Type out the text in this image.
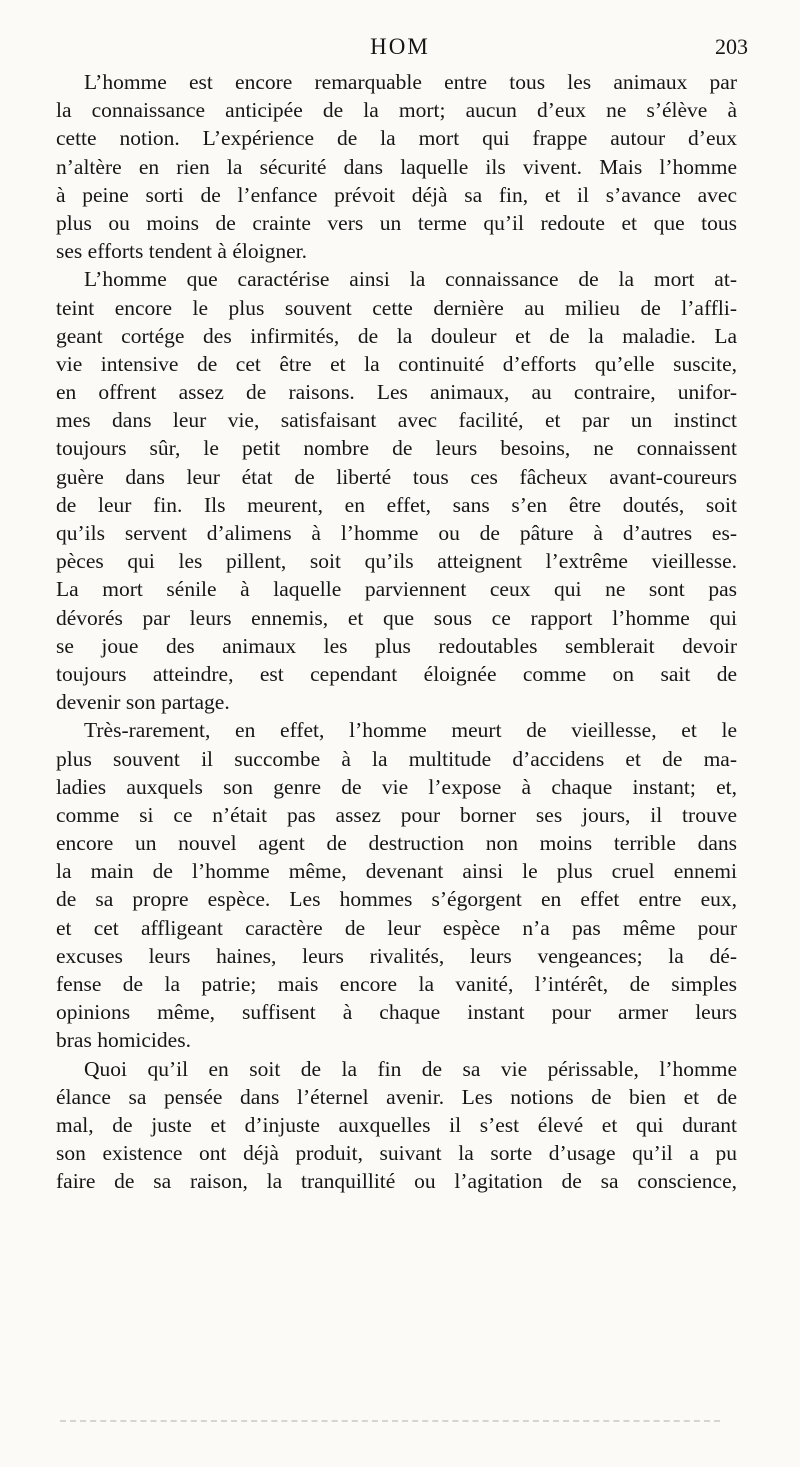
HOM	203
L’homme est encore remarquable entre tous les animaux par
la connaissance anticipée de la mort; aucun d’eux ne s’élève à
cette notion. L’expérience de la mort qui frappe autour d’eux
n’altère en rien la sécurité dans laquelle ils vivent. Mais l’homme
à peine sorti de l’enfance prévoit déjà sa fin, et il s’avance avec
plus ou moins de crainte vers un terme qu’il redoute et que tous
ses efforts tendent à éloigner.
L’homme que caractérise ainsi la connaissance de la mort at-
teint encore le plus souvent cette dernière au milieu de l’affli-
geant cortége des infirmités, de la douleur et de la maladie. La
vie intensive de cet être et la continuité d’efforts qu’elle suscite,
en offrent assez de raisons. Les animaux, au contraire, unifor-
mes dans leur vie, satisfaisant avec facilité, et par un instinct
toujours sûr, le petit nombre de leurs besoins, ne connaissent
guère dans leur état de liberté tous ces fâcheux avant-coureurs
de leur fin. Ils meurent, en effet, sans s’en être doutés, soit
qu’ils servent d’alimens à l’homme ou de pâture à d’autres es-
pèces qui les pillent, soit qu’ils atteignent l’extrême vieillesse.
La mort sénile à laquelle parviennent ceux qui ne sont pas
dévorés par leurs ennemis, et que sous ce rapport l’homme qui
se joue des animaux les plus redoutables semblerait devoir
toujours atteindre, est cependant éloignée comme on sait de
devenir son partage.
Très-rarement, en effet, l’homme meurt de vieillesse, et le
plus souvent il succombe à la multitude d’accidens et de ma-
ladies auxquels son genre de vie l’expose à chaque instant; et,
comme si ce n’était pas assez pour borner ses jours, il trouve
encore un nouvel agent de destruction non moins terrible dans
la main de l’homme même, devenant ainsi le plus cruel ennemi
de sa propre espèce. Les hommes s’égorgent en effet entre eux,
et cet affligeant caractère de leur espèce n’a pas même pour
excuses leurs haines, leurs rivalités, leurs vengeances; la dé-
fense de la patrie; mais encore la vanité, l’intérêt, de simples
opinions même, suffisent à chaque instant pour armer leurs
bras homicides.
Quoi qu’il en soit de la fin de sa vie périssable, l’homme
élance sa pensée dans l’éternel avenir. Les notions de bien et de
mal, de juste et d’injuste auxquelles il s’est élevé et qui durant
son existence ont déjà produit, suivant la sorte d’usage qu’il a pu
faire de sa raison, la tranquillité ou l’agitation de sa conscience,
